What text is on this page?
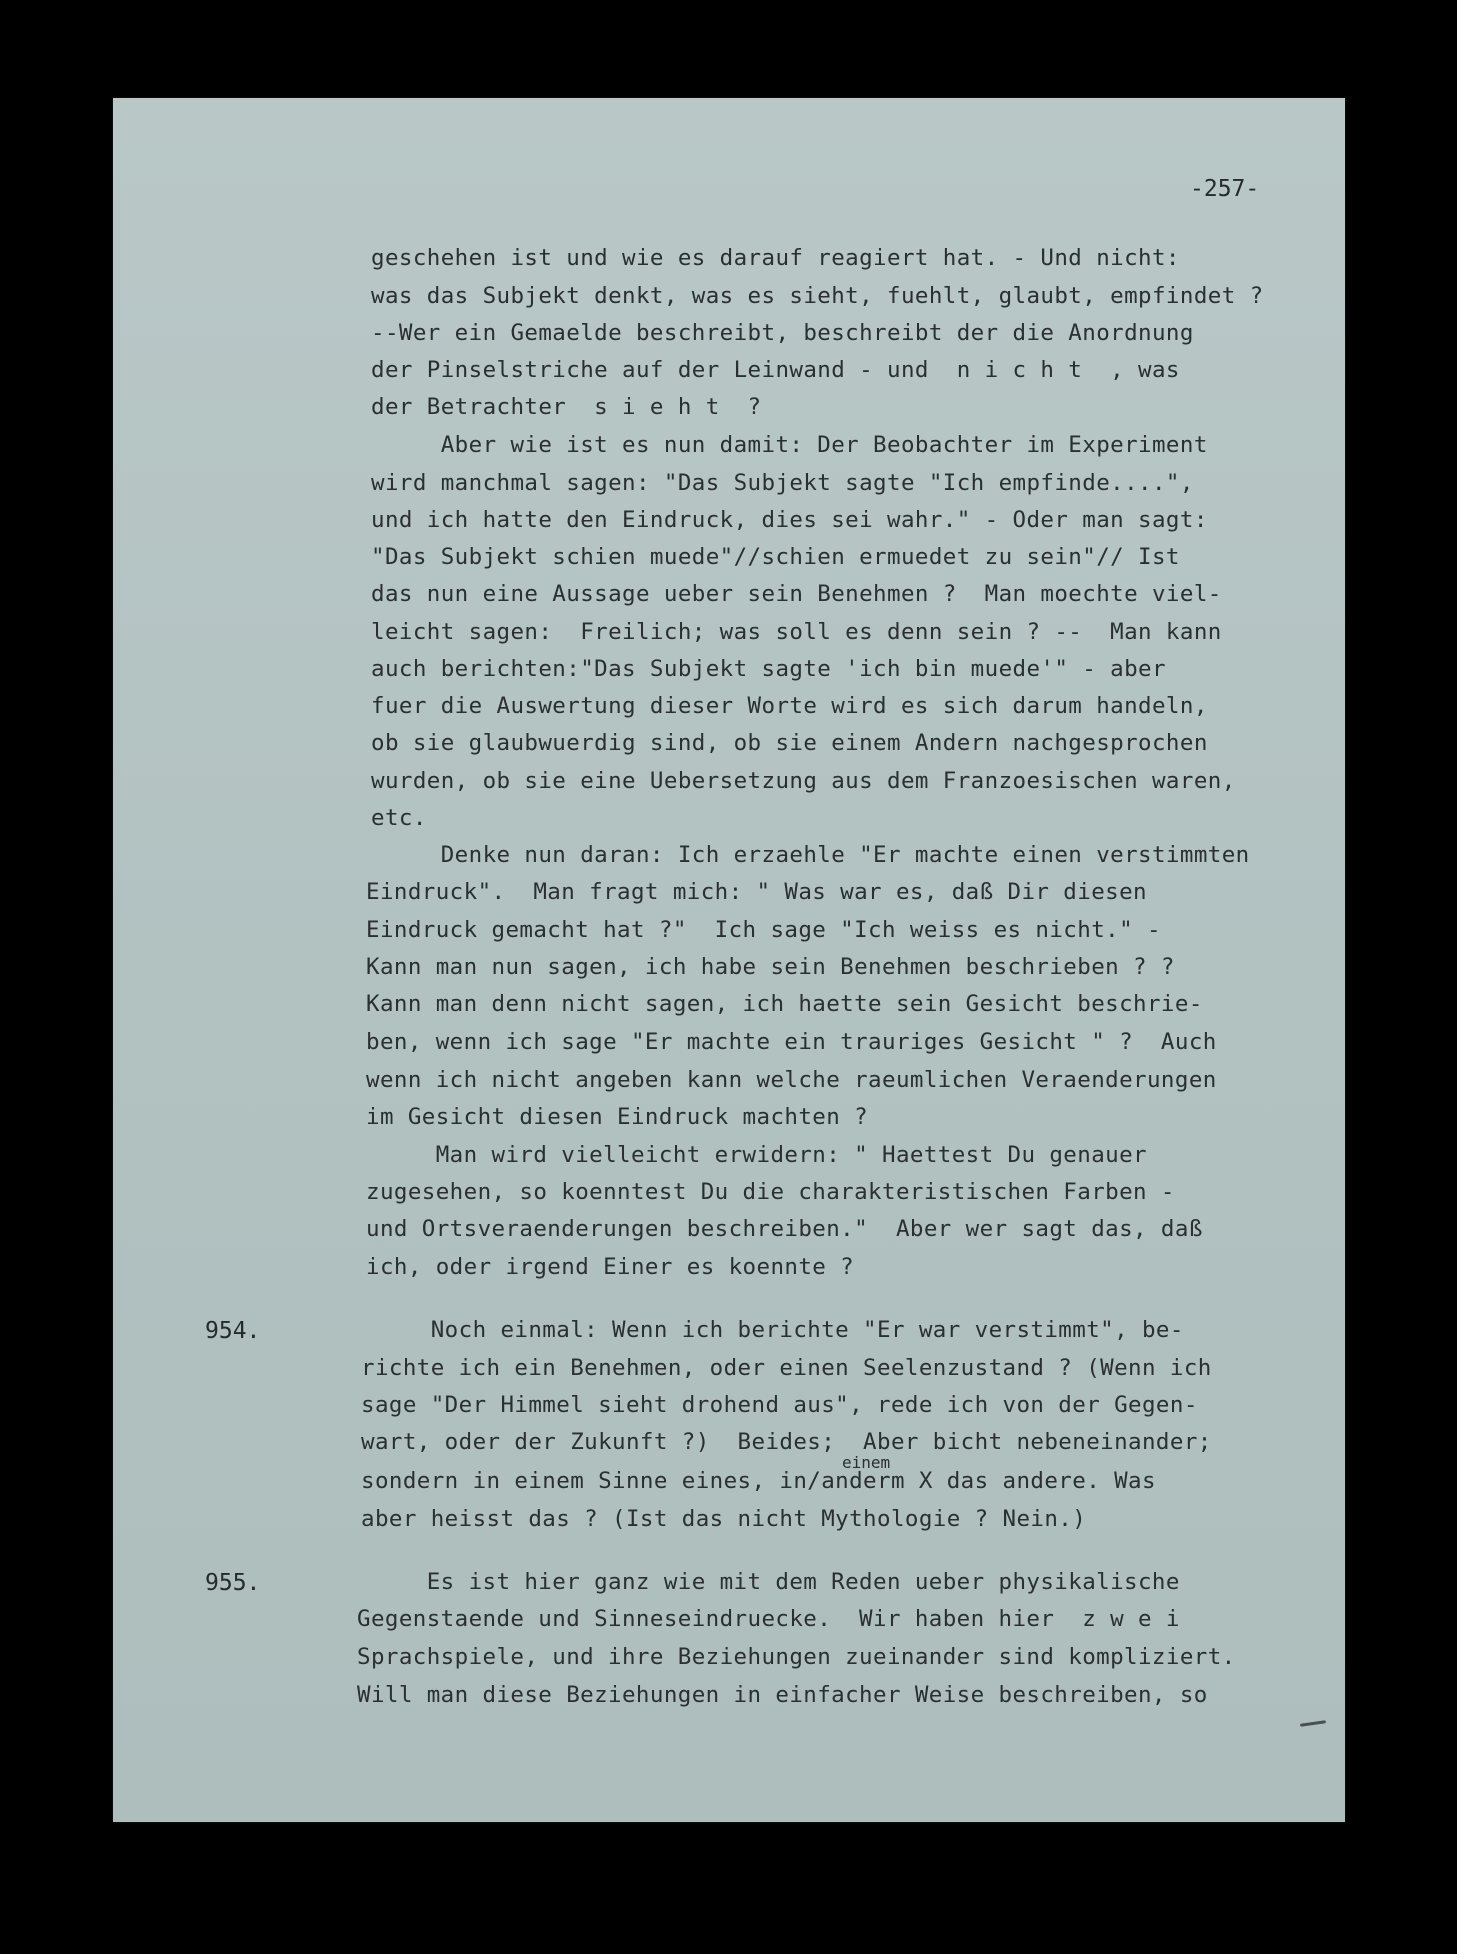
-257-
geschehen ist und wie es darauf reagiert hat. - Und nicht:
was das Subjekt denkt, was es sieht, fuehlt, glaubt, empfindet ?
--Wer ein Gemaelde beschreibt, beschreibt der die Anordnung
der Pinselstriche auf der Leinwand - und  n i c h t  , was
der Betrachter  s i e h t  ?
Aber wie ist es nun damit: Der Beobachter im Experiment
wird manchmal sagen: "Das Subjekt sagte "Ich empfinde....",
und ich hatte den Eindruck, dies sei wahr." - Oder man sagt:
"Das Subjekt schien muede"//schien ermuedet zu sein"// Ist
das nun eine Aussage ueber sein Benehmen ?  Man moechte viel-
leicht sagen:  Freilich; was soll es denn sein ? --  Man kann
auch berichten:"Das Subjekt sagte 'ich bin muede'" - aber
fuer die Auswertung dieser Worte wird es sich darum handeln,
ob sie glaubwuerdig sind, ob sie einem Andern nachgesprochen
wurden, ob sie eine Uebersetzung aus dem Franzoesischen waren,
etc.
Denke nun daran: Ich erzaehle "Er machte einen verstimmten
Eindruck".  Man fragt mich: " Was war es, daß Dir diesen
Eindruck gemacht hat ?"  Ich sage "Ich weiss es nicht." -
Kann man nun sagen, ich habe sein Benehmen beschrieben ? ?
Kann man denn nicht sagen, ich haette sein Gesicht beschrie-
ben, wenn ich sage "Er machte ein trauriges Gesicht " ?  Auch
wenn ich nicht angeben kann welche raeumlichen Veraenderungen
im Gesicht diesen Eindruck machten ?
Man wird vielleicht erwidern: " Haettest Du genauer
zugesehen, so koenntest Du die charakteristischen Farben -
und Ortsveraenderungen beschreiben."  Aber wer sagt das, daß
ich, oder irgend Einer es koennte ?
954.	Noch einmal: Wenn ich berichte "Er war verstimmt", be-
richte ich ein Benehmen, oder einen Seelenzustand ? (Wenn ich
sage "Der Himmel sieht drohend aus", rede ich von der Gegen-
wart, oder der Zukunft ?)  Beides;  Aber bicht nebeneinander;
sondern in einem Sinne eines, in/anderm X das andere. Was
aber heisst das ? (Ist das nicht Mythologie ? Nein.)
einem
955.	Es ist hier ganz wie mit dem Reden ueber physikalische
Gegenstaende und Sinneseindruecke.  Wir haben hier  z w e i
Sprachspiele, und ihre Beziehungen zueinander sind kompliziert.
Will man diese Beziehungen in einfacher Weise beschreiben, so
